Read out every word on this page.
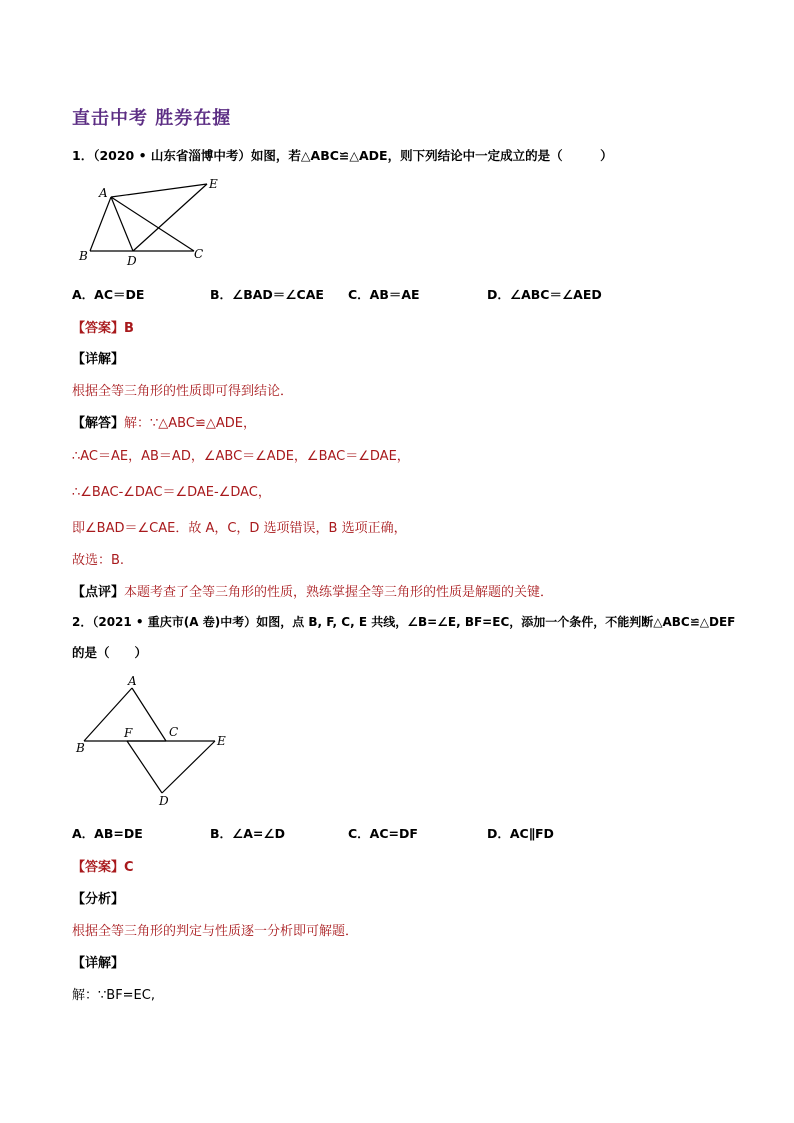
直击中考 胜券在握
1．（2020 • 山东省淄博中考）如图，若△ABC≌△ADE，则下列结论中一定成立的是（　　　）
A
E
B	D	C
A．AC＝DE	B．∠BAD＝∠CAE C．AB＝AE	D．∠ABC＝∠AED
【答案】B
【详解】
根据全等三角形的性质即可得到结论．
【解答】解：∵△ABC≌△ADE，
∴AC＝AE，AB＝AD，∠ABC＝∠ADE，∠BAC＝∠DAE，
∴∠BAC-∠DAC＝∠DAE-∠DAC，
即∠BAD＝∠CAE．故 A，C，D 选项错误，B 选项正确，
故选：B.
【点评】本题考查了全等三角形的性质，熟练掌握全等三角形的性质是解题的关键．
2．（2021 • 重庆市(A 卷)中考）如图，点 B, F, C, E 共线，∠B=∠E, BF=EC，添加一个条件，不能判断△ABC≌△DEF
的是（　　）
A
B
F	C
E
D
A．AB=DE	B．∠A=∠D	C．AC=DF	D．AC∥FD
【答案】C
【分析】
根据全等三角形的判定与性质逐一分析即可解题．
【详解】
解：∵BF=EC,
